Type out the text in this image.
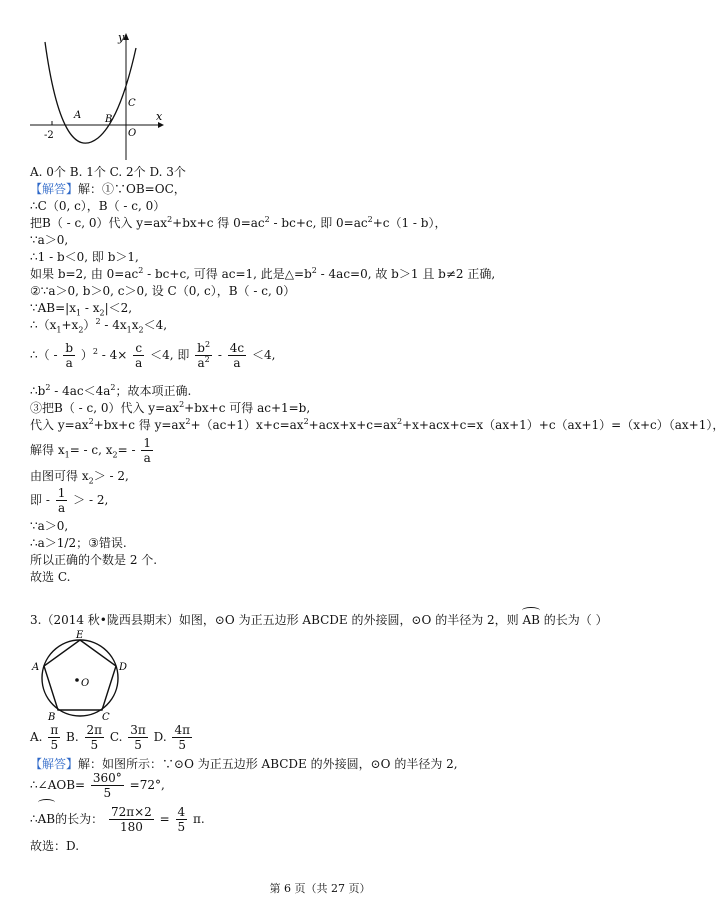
y
x
-2
A B
C
O
A. 0个 B. 1个 C. 2个 D. 3个
【解答】解：①∵OB=OC，
∴C（0, c），B（ - c, 0）
把B（ - c, 0）代入 $y=ax^2+bx+c$ 得 $0=ac^2 - bc+c$, 即 $0=ac^2+c(1 - b)$，
∵a＞0,
∴1 - b＜0, 即 b＞1,
如果 b=2, 由 $0=ac^2 - bc+c$, 可得 ac=1, 此是$\triangle=b^2 - 4ac=0$, 故 b＞1 且 b≠2 正确,
②∵a＞0, b＞0, c＞0, 设 C（0, c），B（ - c, 0）
$\because AB=|x_1 - x_2|<2$,
$\therefore(x_1+x_2)^2 - 4x_1x_2<4$,
∴（ - $\frac{b}{a} )^2 - 4\times \frac{c}{a} <4$, 即 $\frac{b^2}{a^2} - \frac{4c}{a} <4$,
$\therefore b^2 - 4ac<4a^2$；故本项正确.
③把B（ - c, 0）代入 $y=ax^2+bx+c$ 可得 ac+1=b,
代入 $y=ax^2+bx+c$ 得 $y=ax^2+(ac+1)x+c=ax^2+acx+x+c=ax^2+x+acx+c=x(ax+1)+c(ax+1)=(x+c)(ax+1)$，
解得 $x_1= - c$, $x_2= - \frac{1}{a}$
由图可得 $x_2> - 2$,
即 - $\frac{1}{a}$ ＞ - 2,
∵a＞0,
∴a＞1/2；③错误.
所以正确的个数是 2 个.
故选 C.
3.（2014 秋•陇西县期末）如图，⊙O 为正五边形 ABCDE 的外接圆，⊙O 的半径为 2，则 AB 的长为（ ）
E
D
A
B	C
O
A. $\frac{\pi}{5} B$. $\frac{2\pi}{5} C$. $\frac{3\pi}{5} D$. $\frac{4\pi}{5}$
【解答】解：如图所示：∵⊙O 为正五边形 ABCDE 的外接圆，⊙O 的半径为 2,
∴∠AOB= $\frac{360^\circ}{5} =72^\circ$,
∴AB的长为： $\frac{72\pi\times 2}{180} = \frac{4}{5} \pi$.
故选：D.
第 6 页（共 27 页）
